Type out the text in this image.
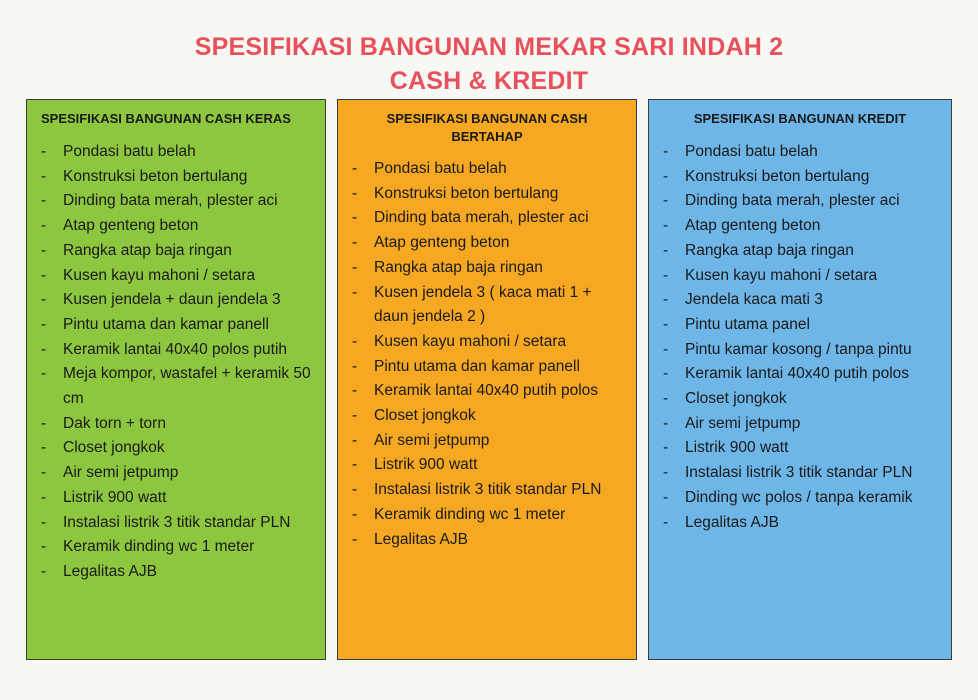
SPESIFIKASI BANGUNAN MEKAR SARI INDAH 2
CASH & KREDIT
SPESIFIKASI BANGUNAN CASH KERAS
- Pondasi batu belah
- Konstruksi beton bertulang
- Dinding bata merah, plester aci
- Atap genteng beton
- Rangka atap baja ringan
- Kusen kayu mahoni / setara
- Kusen jendela + daun jendela 3
- Pintu utama dan kamar panell
- Keramik lantai 40x40 polos putih
- Meja kompor, wastafel + keramik 50 cm
- Dak torn + torn
- Closet jongkok
- Air semi jetpump
- Listrik 900 watt
- Instalasi listrik 3 titik standar PLN
- Keramik dinding wc 1 meter
- Legalitas AJB
SPESIFIKASI BANGUNAN CASH BERTAHAP
- Pondasi batu belah
- Konstruksi beton bertulang
- Dinding bata merah, plester aci
- Atap genteng beton
- Rangka atap baja ringan
- Kusen jendela 3 ( kaca mati 1 + daun jendela 2 )
- Kusen kayu mahoni / setara
- Pintu utama dan kamar panell
- Keramik lantai 40x40 putih polos
- Closet jongkok
- Air semi jetpump
- Listrik 900 watt
- Instalasi listrik 3 titik standar PLN
- Keramik dinding wc 1 meter
- Legalitas AJB
SPESIFIKASI BANGUNAN KREDIT
- Pondasi batu belah
- Konstruksi beton bertulang
- Dinding bata merah, plester aci
- Atap genteng beton
- Rangka atap baja ringan
- Kusen kayu mahoni / setara
- Jendela kaca mati 3
- Pintu utama panel
- Pintu kamar kosong / tanpa pintu
- Keramik lantai 40x40 putih polos
- Closet jongkok
- Air semi jetpump
- Listrik 900 watt
- Instalasi listrik 3 titik standar PLN
- Dinding wc polos / tanpa keramik
- Legalitas AJB
